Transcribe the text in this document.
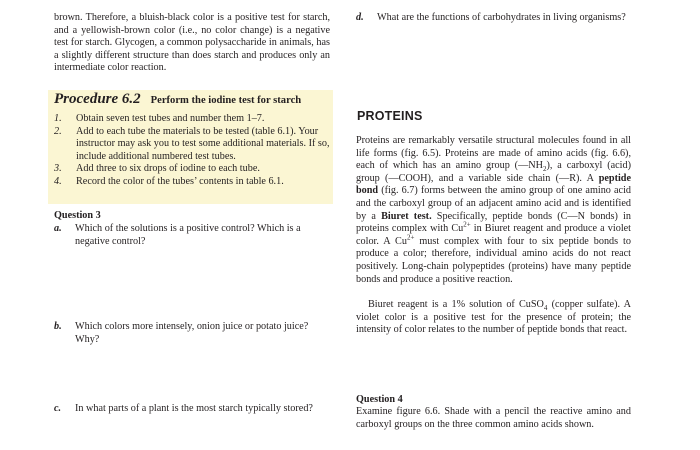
brown. Therefore, a bluish-black color is a positive test for starch, and a yellowish-brown color (i.e., no color change) is a negative test for starch. Glycogen, a common polysaccharide in animals, has a slightly different structure than does starch and produces only an intermediate color reaction.

Procedure 6.2 Perform the iodine test for starch
1.	Obtain seven test tubes and number them 1–7.
2.	Add to each tube the materials to be tested (table 6.1). Your instructor may ask you to test some additional materials. If so, include additional numbered test tubes.
3.	Add three to six drops of iodine to each tube.
4.	Record the color of the tubes’ contents in table 6.1.
Question 3
a.	Which of the solutions is a positive control? Which is a negative control?
b.	Which colors more intensely, onion juice or potato juice? Why?
c.	In what parts of a plant is the most starch typically stored?
d.	What are the functions of carbohydrates in living organisms?
PROTEINS

Proteins are remarkably versatile structural molecules found in all life forms (fig. 6.5). Proteins are made of amino acids (fig. 6.6), each of which has an amino group $(—NH_2)$, a carboxyl (acid) group (—COOH), and a variable side chain (—R). A peptide bond (fig. 6.7) forms between the amino group of one amino acid and the carboxyl group of an adjacent amino acid and is identified by a Biuret test. Specifically, peptide bonds (C—N bonds) in proteins complex with $Cu^{2+}$ in Biuret reagent and produce a violet color. A $Cu^{2+}$ must complex with four to six peptide bonds to produce a color; therefore, individual amino acids do not react positively. Long-chain polypeptides (proteins) have many peptide bonds and produce a positive reaction.

Biuret reagent is a 1% solution of CuSO$_4$ (copper sulfate). A violet color is a positive test for the presence of protein; the intensity of color relates to the number of peptide bonds that react.

Question 4

Examine figure 6.6. Shade with a pencil the reactive amino and carboxyl groups on the three common amino acids shown.
